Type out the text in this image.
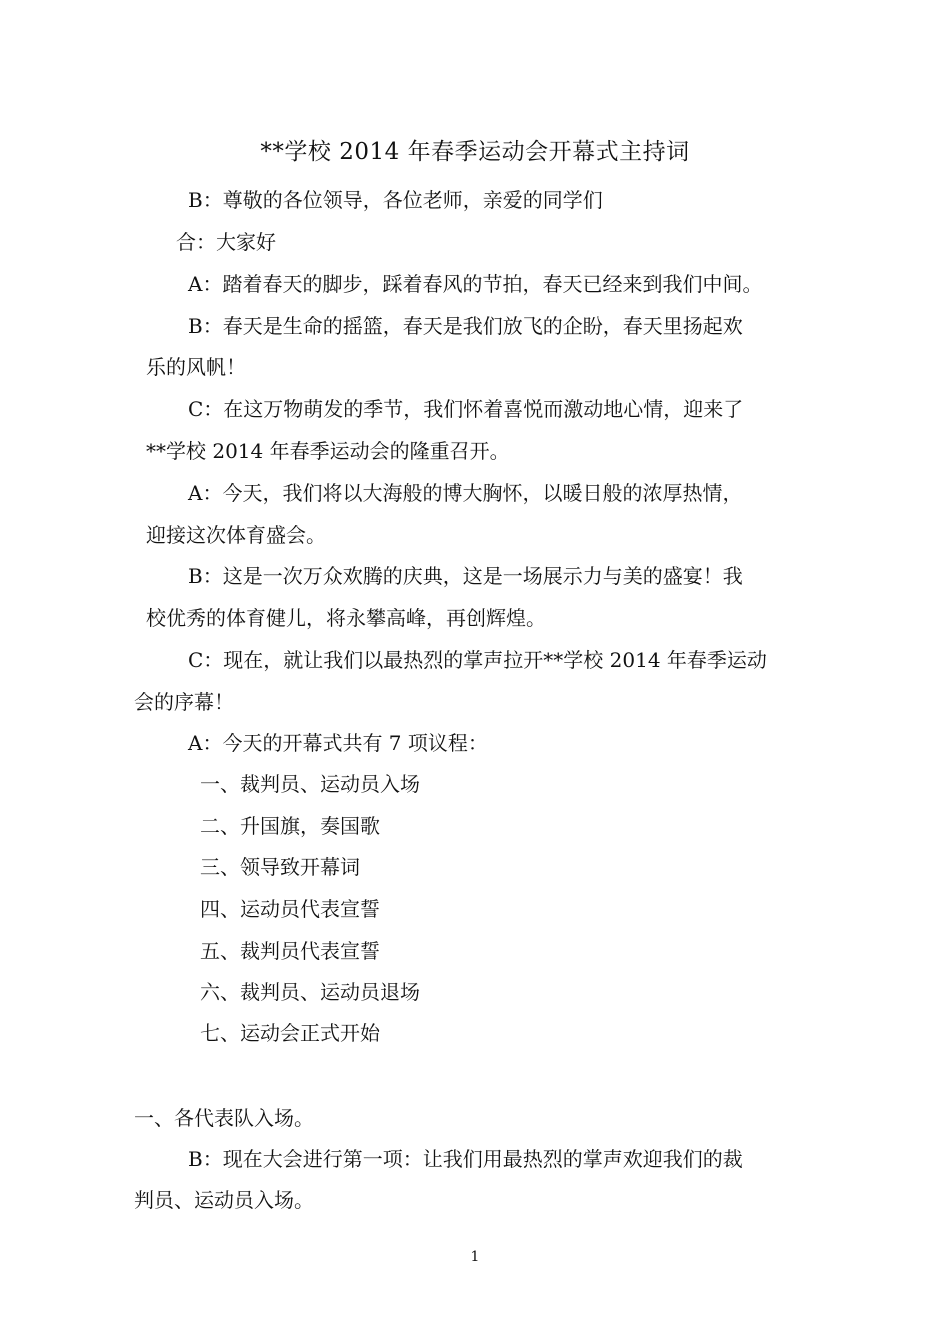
**学校 2014 年春季运动会开幕式主持词
B：尊敬的各位领导，各位老师，亲爱的同学们
合：大家好
A：踏着春天的脚步，踩着春风的节拍，春天已经来到我们中间。
B：春天是生命的摇篮，春天是我们放飞的企盼，春天里扬起欢
乐的风帆！
C：在这万物萌发的季节，我们怀着喜悦而激动地心情，迎来了
**学校 2014 年春季运动会的隆重召开。
A：今天，我们将以大海般的博大胸怀，以暖日般的浓厚热情，
迎接这次体育盛会。
B：这是一次万众欢腾的庆典，这是一场展示力与美的盛宴！我
校优秀的体育健儿，将永攀高峰，再创辉煌。
C：现在，就让我们以最热烈的掌声拉开**学校 2014 年春季运动
会的序幕！
A：今天的开幕式共有 7 项议程：
一、裁判员、运动员入场
二、升国旗，奏国歌
三、领导致开幕词
四、运动员代表宣誓
五、裁判员代表宣誓
六、裁判员、运动员退场
七、运动会正式开始
一、各代表队入场。
B：现在大会进行第一项：让我们用最热烈的掌声欢迎我们的裁
判员、运动员入场。
1
